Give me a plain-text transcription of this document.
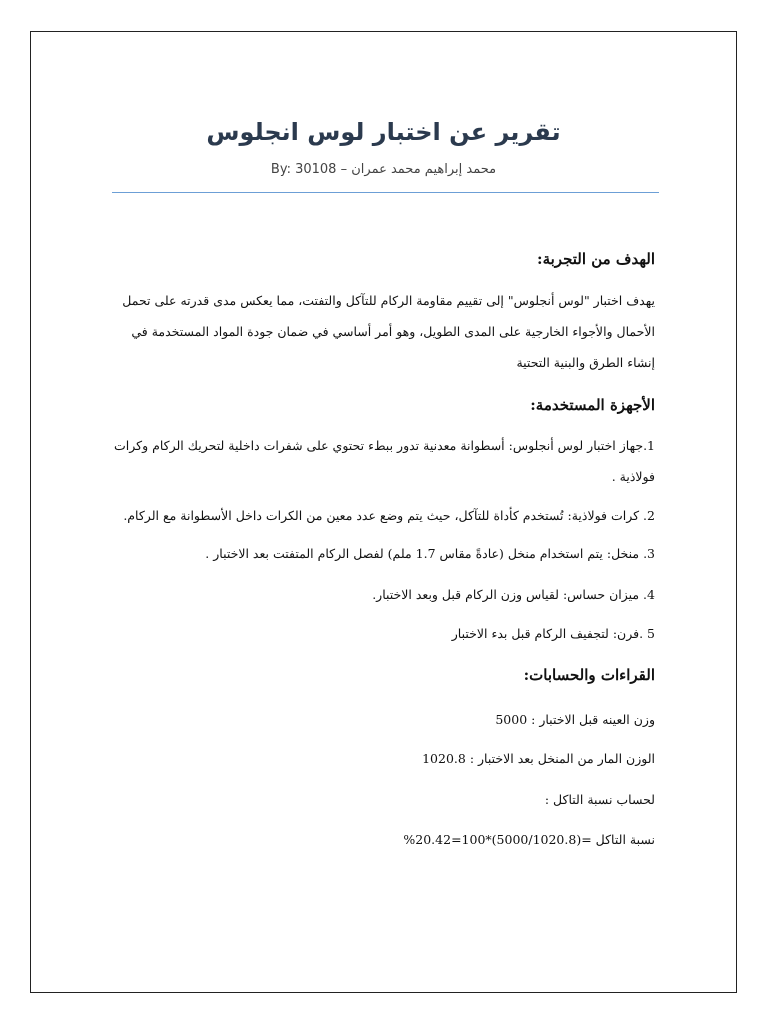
تقرير عن اختبار لوس انجلوس
محمد إبراهيم محمد عمران – By: 30108
الهدف من التجربة:
يهدف اختبار "لوس أنجلوس" إلى تقييم مقاومة الركام للتآكل والتفتت، مما يعكس مدى قدرته على تحمل الأحمال والأجواء الخارجية على المدى الطويل، وهو أمر أساسي في ضمان جودة المواد المستخدمة في إنشاء الطرق والبنية التحتية
الأجهزة المستخدمة:
1.جهاز اختبار لوس أنجلوس: أسطوانة معدنية تدور ببطء تحتوي على شفرات داخلية لتحريك الركام وكرات فولاذية .
2. كرات فولاذية: تُستخدم كأداة للتآكل، حيث يتم وضع عدد معين من الكرات داخل الأسطوانة مع الركام.
3. منخل: يتم استخدام منخل (عادةً مقاس 1.7 ملم) لفصل الركام المتفتت بعد الاختبار .
4. ميزان حساس: لقياس وزن الركام قبل وبعد الاختبار.
5 .فرن: لتجفيف الركام قبل بدء الاختبار
القراءات والحسابات:
وزن العينه قبل الاختبار : 5000
الوزن المار من المنخل بعد الاختبار : 1020.8
لحساب نسبة التاكل :
نسبة التاكل =(5000/1020.8)*100=20.42%
